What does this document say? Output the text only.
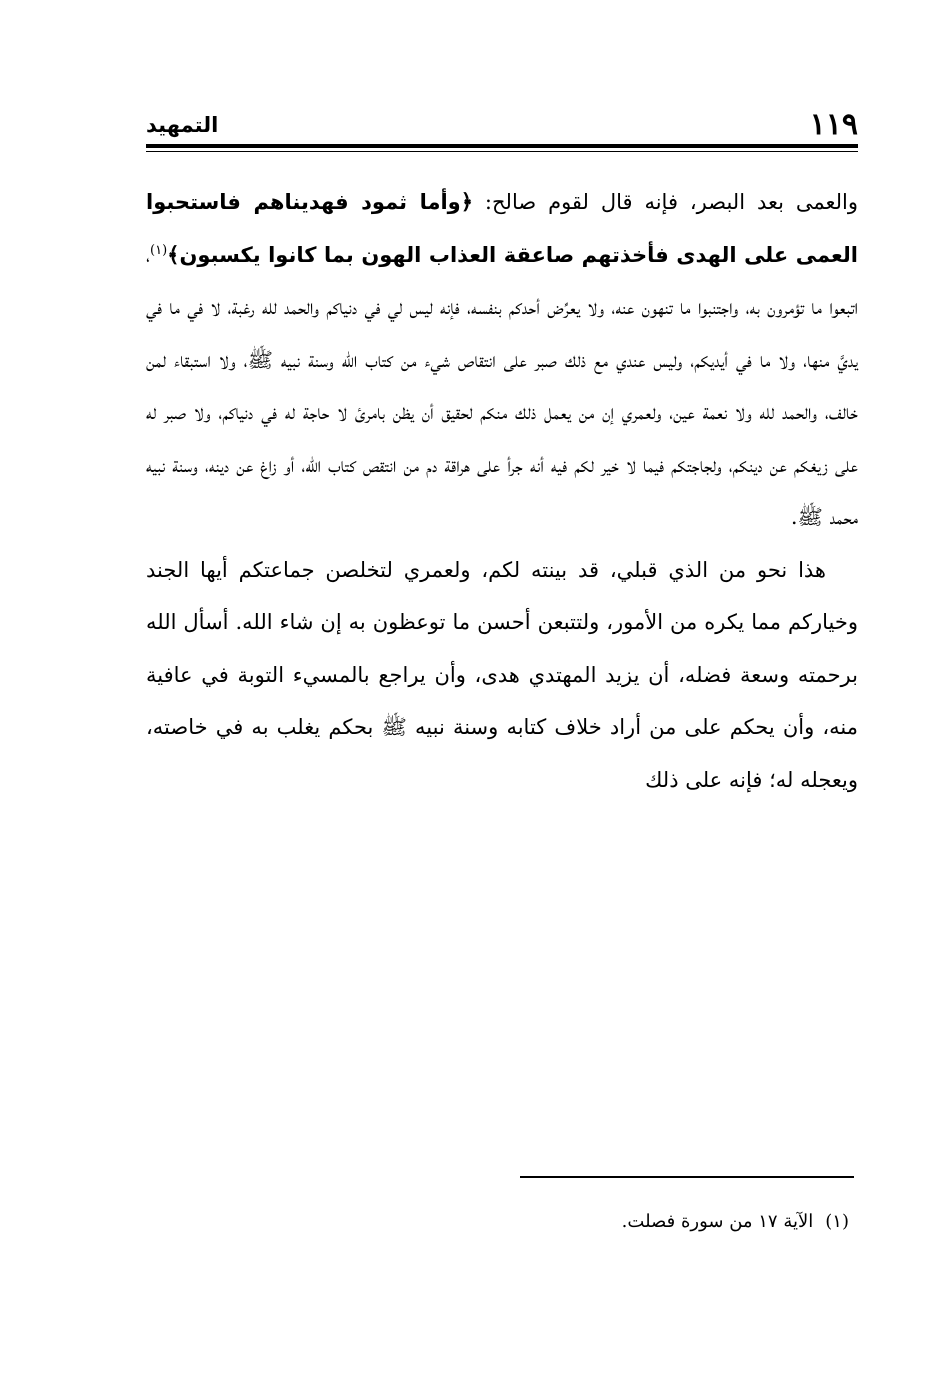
١١٩
التمهيد

والعمى بعد البصر، فإنه قال لقوم صالح: ﴿وأما ثمود فهديناهم فاستحبوا العمى على الهدى فأخذتهم صاعقة العذاب الهون بما كانوا يكسبون﴾$^{(١)}$، اتبعوا ما تؤمرون به، واجتنبوا ما تنهون عنه، ولا يعرِّض أحدكم بنفسه، فإنه ليس لي في دنياكم والحمد لله رغبة، لا في ما في يديَّ منها، ولا ما في أيديكم، وليس عندي مع ذلك صبر على انتقاص شيء من كتاب الله وسنة نبيه ﷺ، ولا استبقاء لمن خالف، والحمد لله ولا نعمة عين، ولعمري إن من يعمل ذلك منكم لحقيق أن يظن بامرئ لا حاجة له في دنياكم، ولا صبر له على زيغكم عن دينكم، ولجاجتكم فيما لا خير لكم فيه أنه جرأ على هراقة دم من انتقص كتاب الله، أو زاغ عن دينه، وسنة نبيه محمد ﷺ.

هذا نحو من الذي قبلي، قد بينته لكم، ولعمري لتخلصن جماعتكم أيها الجند وخياركم مما يكره من الأمور، ولتتبعن أحسن ما توعظون به إن شاء الله. أسأل الله برحمته وسعة فضله، أن يزيد المهتدي هدى، وأن يراجع بالمسيء التوبة في عافية منه، وأن يحكم على من أراد خلاف كتابه وسنة نبيه ﷺ بحكم يغلب به في خاصته، ويعجله له؛ فإنه على ذلك

(١)الآية ١٧ من سورة فصلت.
